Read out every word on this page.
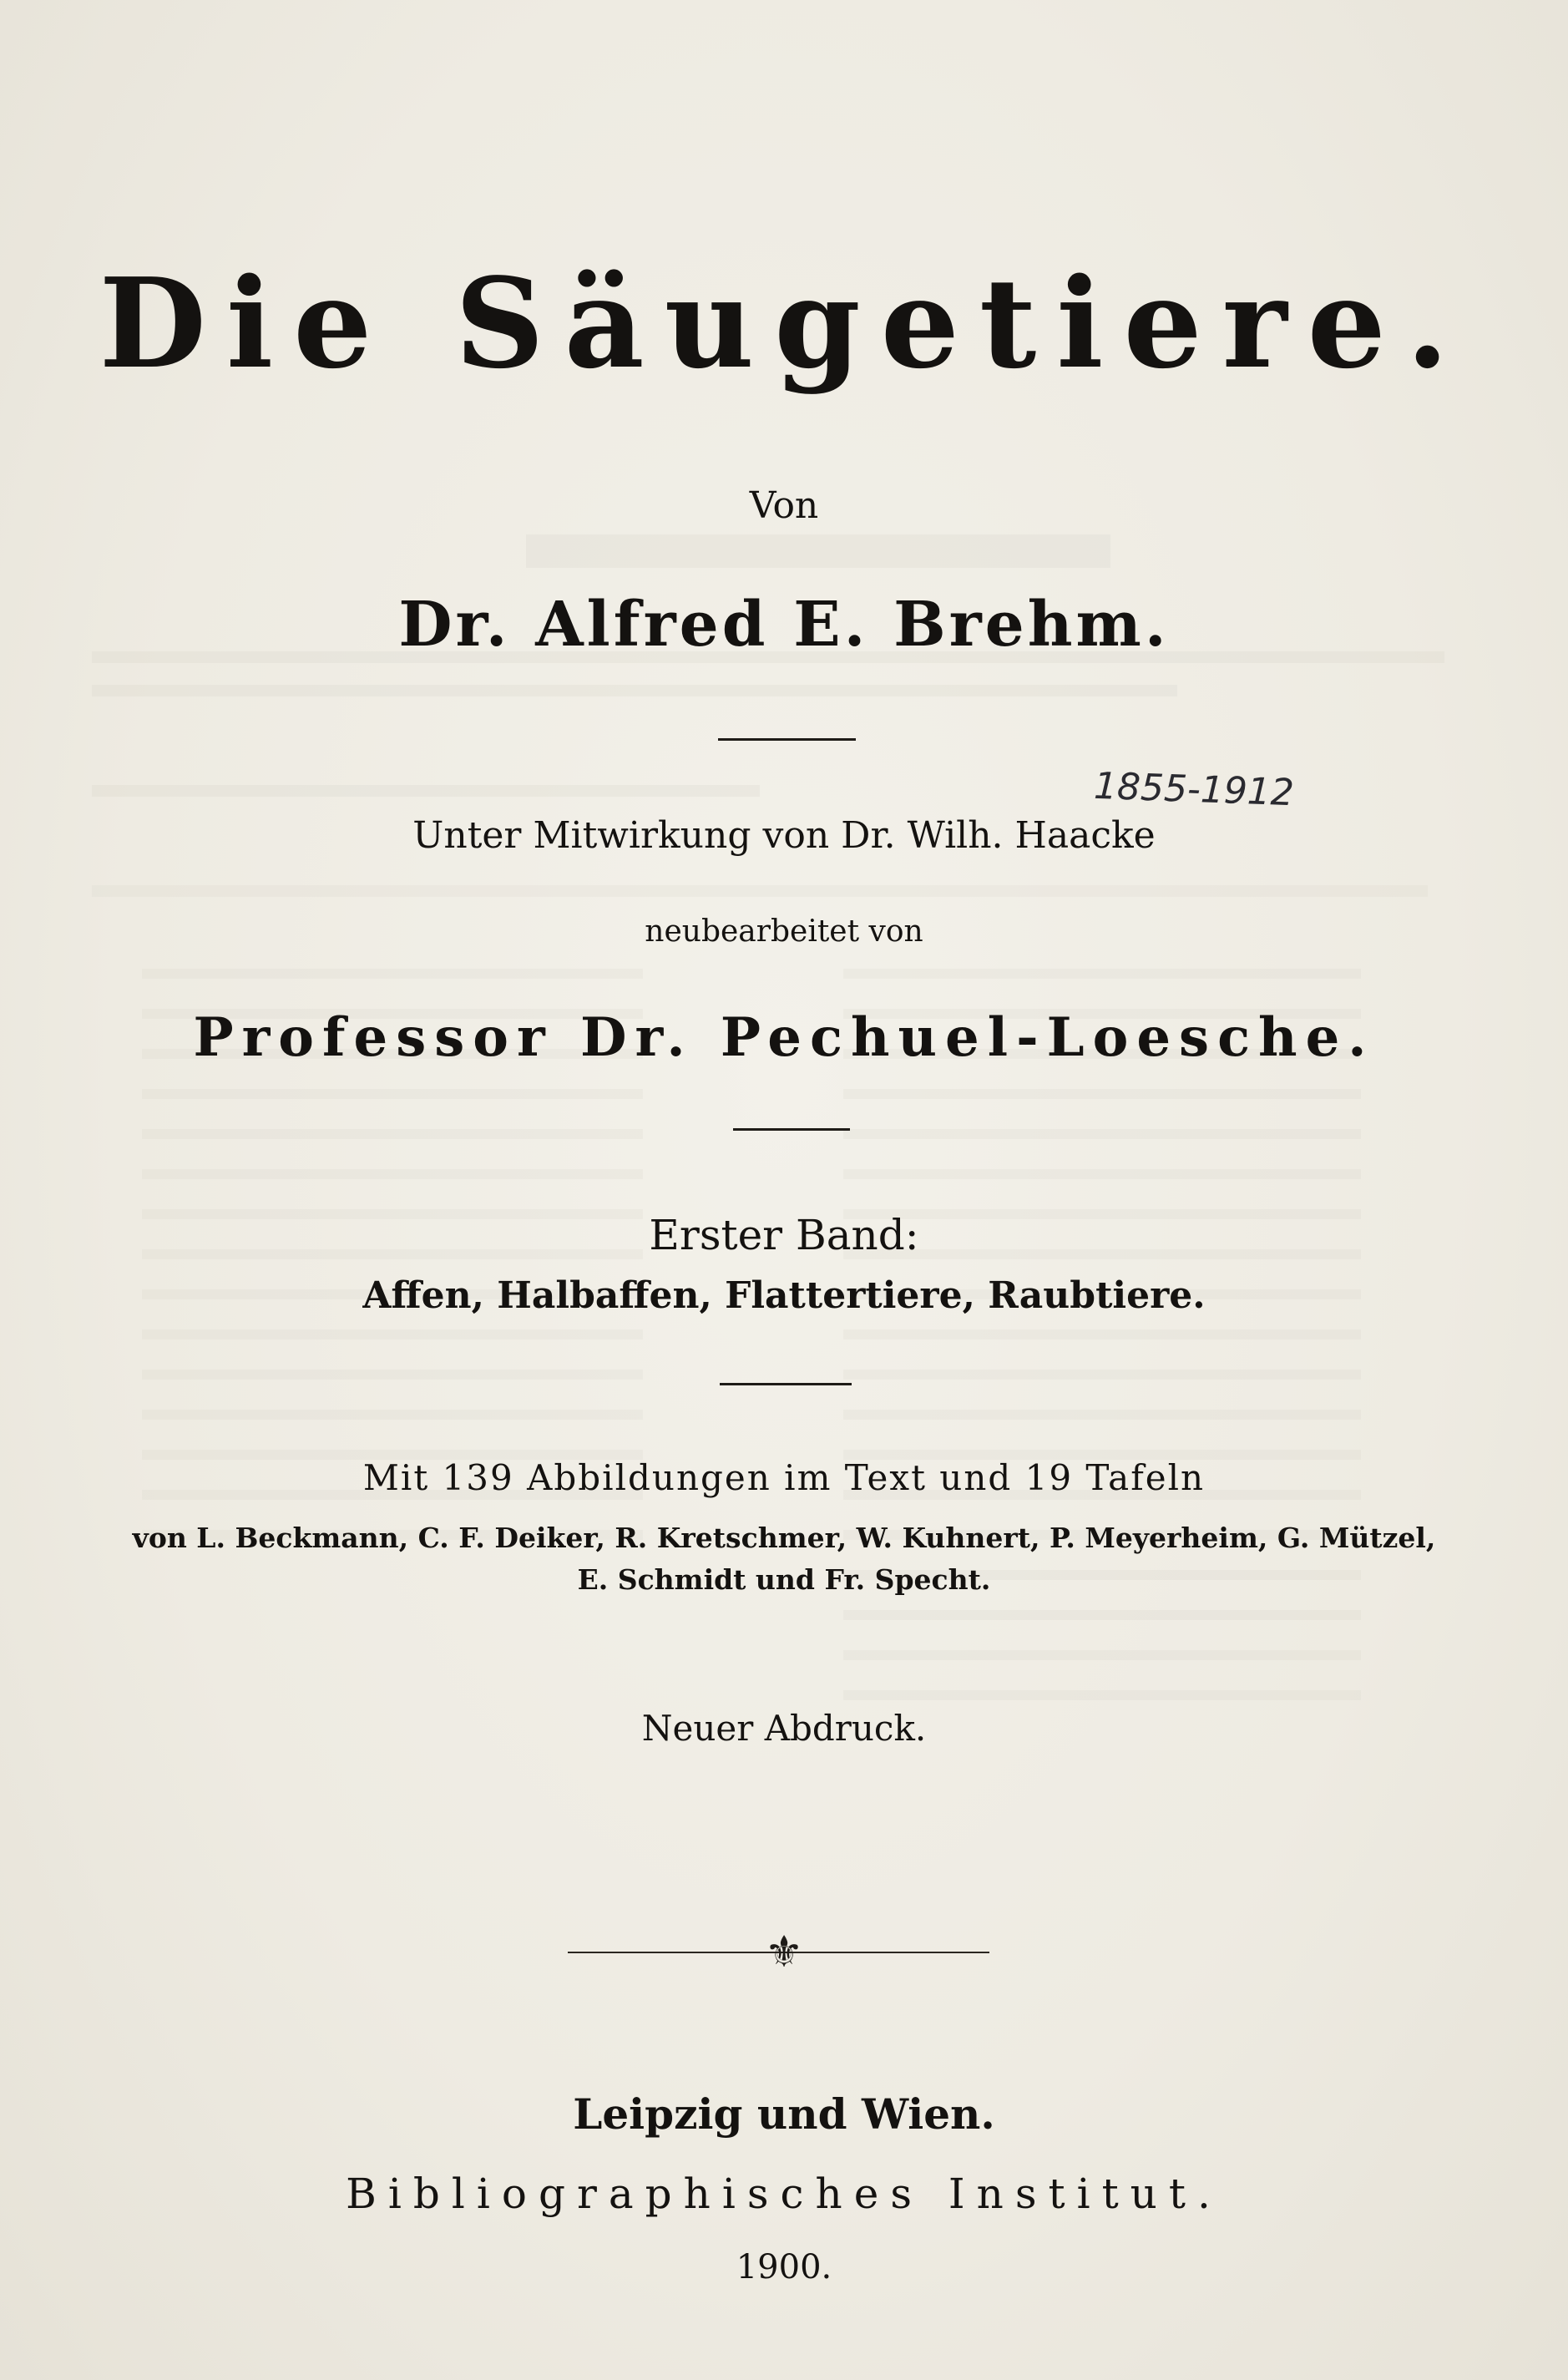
Die Säugetiere.
Von
Dr. Alfred E. Brehm.
1855-1912
Unter Mitwirkung von Dr. Wilh. Haacke
neubearbeitet von
Professor Dr. Pechuel-Loesche.
Erster Band:
Affen, Halbaffen, Flattertiere, Raubtiere.
Mit 139 Abbildungen im Text und 19 Tafeln
von L. Beckmann, C. F. Deiker, R. Kretschmer, W. Kuhnert, P. Meyerheim, G. Mützel,
E. Schmidt und Fr. Specht.
Neuer Abdruck.
⚜
Leipzig und Wien.
Bibliographisches Institut.
1900.
